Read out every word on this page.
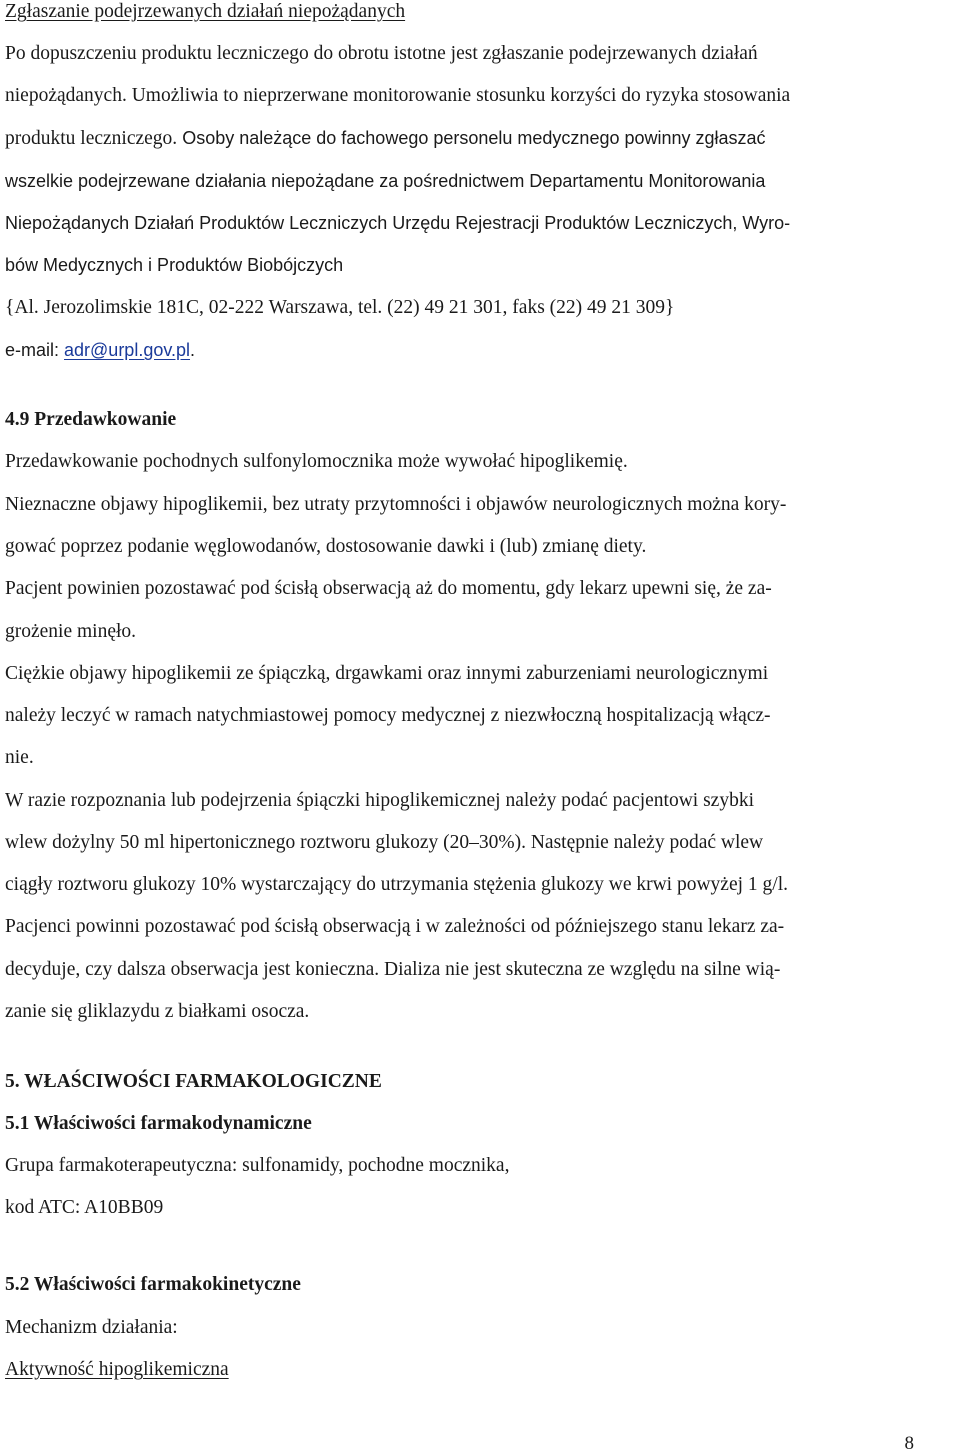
Zgłaszanie podejrzewanych działań niepożądanych
Po dopuszczeniu produktu leczniczego do obrotu istotne jest zgłaszanie podejrzewanych działań
niepożądanych. Umożliwia to nieprzerwane monitorowanie stosunku korzyści do ryzyka stosowania
produktu leczniczego. Osoby należące do fachowego personelu medycznego powinny zgłaszać
wszelkie podejrzewane działania niepożądane za pośrednictwem Departamentu Monitorowania
Niepożądanych Działań Produktów Leczniczych Urzędu Rejestracji Produktów Leczniczych, Wyro-
bów Medycznych i Produktów Biobójczych
{Al. Jerozolimskie 181C, 02-222 Warszawa, tel. (22) 49 21 301, faks (22) 49 21 309}
e-mail: adr@urpl.gov.pl.
4.9 Przedawkowanie
Przedawkowanie pochodnych sulfonylomocznika może wywołać hipoglikemię.
Nieznaczne objawy hipoglikemii, bez utraty przytomności i objawów neurologicznych można kory-
gować poprzez podanie węglowodanów, dostosowanie dawki i (lub) zmianę diety.
Pacjent powinien pozostawać pod ścisłą obserwacją aż do momentu, gdy lekarz upewni się, że za-
grożenie minęło.
Ciężkie objawy hipoglikemii ze śpiączką, drgawkami oraz innymi zaburzeniami neurologicznymi
należy leczyć w ramach natychmiastowej pomocy medycznej z niezwłoczną hospitalizacją włącz-
nie.
W razie rozpoznania lub podejrzenia śpiączki hipoglikemicznej należy podać pacjentowi szybki
wlew dożylny 50 ml hipertonicznego roztworu glukozy (20–30%). Następnie należy podać wlew
ciągły roztworu glukozy 10% wystarczający do utrzymania stężenia glukozy we krwi powyżej 1 g/l.
Pacjenci powinni pozostawać pod ścisłą obserwacją i w zależności od późniejszego stanu lekarz za-
decyduje, czy dalsza obserwacja jest konieczna. Dializa nie jest skuteczna ze względu na silne wią-
zanie się gliklazydu z białkami osocza.
5. WŁAŚCIWOŚCI FARMAKOLOGICZNE
5.1 Właściwości farmakodynamiczne
Grupa farmakoterapeutyczna: sulfonamidy, pochodne mocznika,
kod ATC: A10BB09
5.2 Właściwości farmakokinetyczne
Mechanizm działania:
Aktywność hipoglikemiczna
8
